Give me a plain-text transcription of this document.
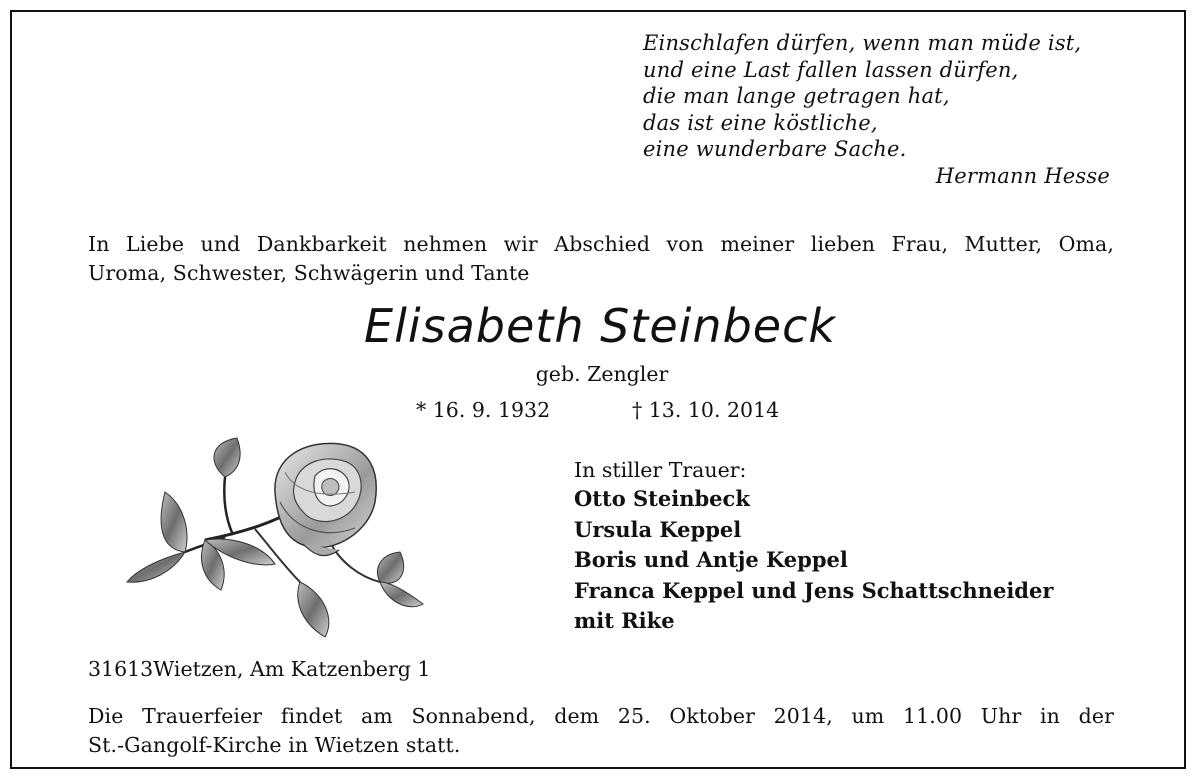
Einschlafen dürfen, wenn man müde ist,
und eine Last fallen lassen dürfen,
die man lange getragen hat,
das ist eine köstliche,
eine wunderbare Sache.
Hermann Hesse
In Liebe und Dankbarkeit nehmen wir Abschied von meiner lieben Frau, Mutter, Oma,
Uroma, Schwester, Schwägerin und Tante
Elisabeth Steinbeck
geb. Zengler
* 16. 9. 1932	† 13. 10. 2014
In stiller Trauer:
Otto Steinbeck
Ursula Keppel
Boris und Antje Keppel
Franca Keppel und Jens Schattschneider
mit Rike
31613Wietzen, Am Katzenberg 1
Die Trauerfeier findet am Sonnabend, dem 25. Oktober 2014, um 11.00 Uhr in der
St.-Gangolf-Kirche in Wietzen statt.
